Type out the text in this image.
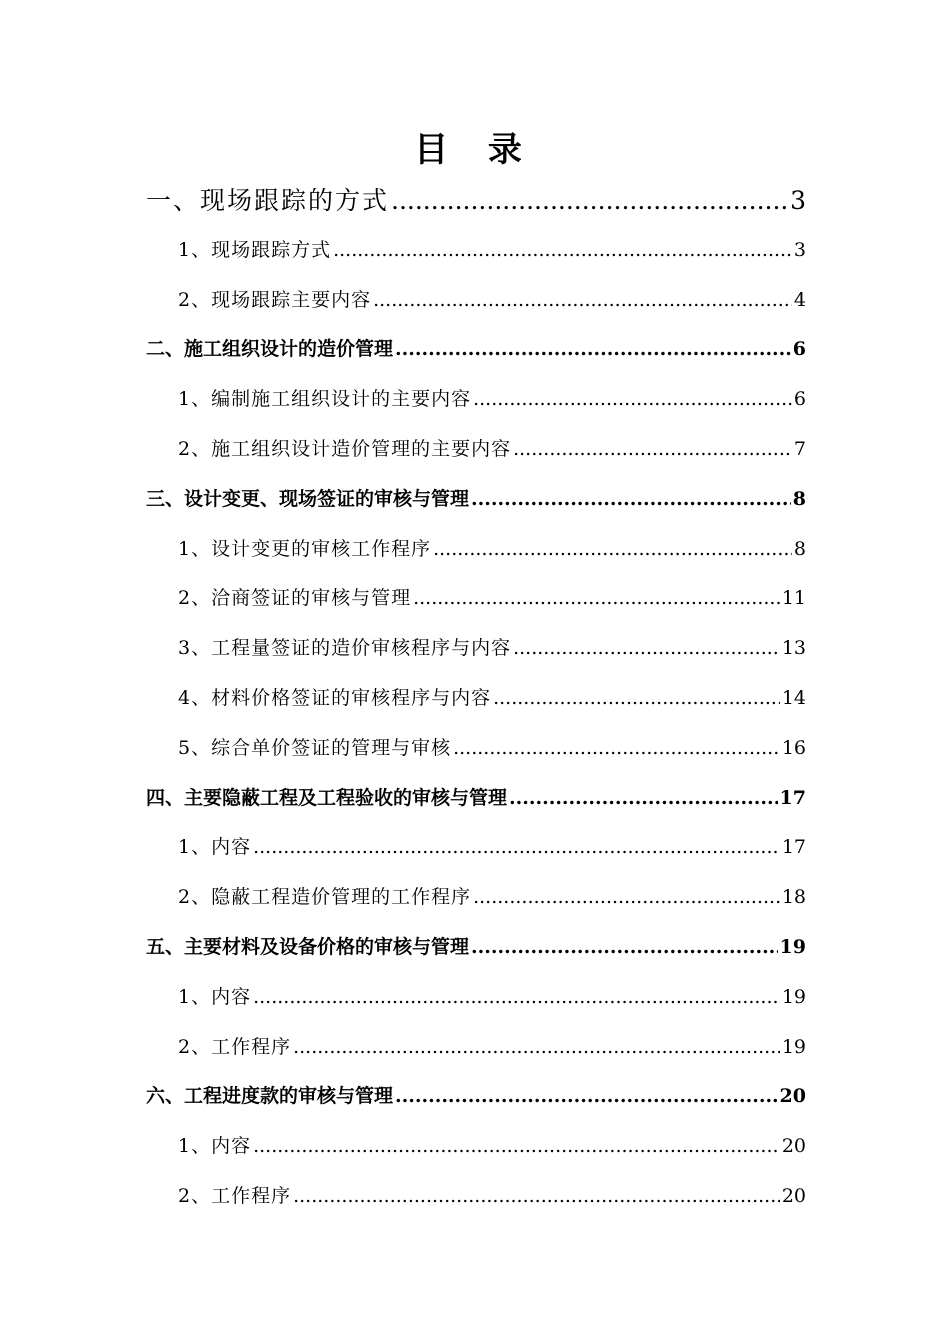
目 录
一、现场跟踪的方式 .....	3
1、现场跟踪方式 .....	3
2、现场跟踪主要内容 .....	4
二、施工组织设计的造价管理 .....	6
1、编制施工组织设计的主要内容 .....	6
2、施工组织设计造价管理的主要内容 .....	7
三、设计变更、现场签证的审核与管理 .....	8
1、设计变更的审核工作程序 .....	8
2、洽商签证的审核与管理 .....	11
3、工程量签证的造价审核程序与内容 .....	13
4、材料价格签证的审核程序与内容 .....	14
5、综合单价签证的管理与审核 .....	16
四、主要隐蔽工程及工程验收的审核与管理 .....	17
1、内容 .....	17
2、隐蔽工程造价管理的工作程序 .....	18
五、主要材料及设备价格的审核与管理 .....	19
1、内容 .....	19
2、工作程序 .....	19
六、工程进度款的审核与管理 .....	20
1、内容 .....	20
2、工作程序 .....	20
